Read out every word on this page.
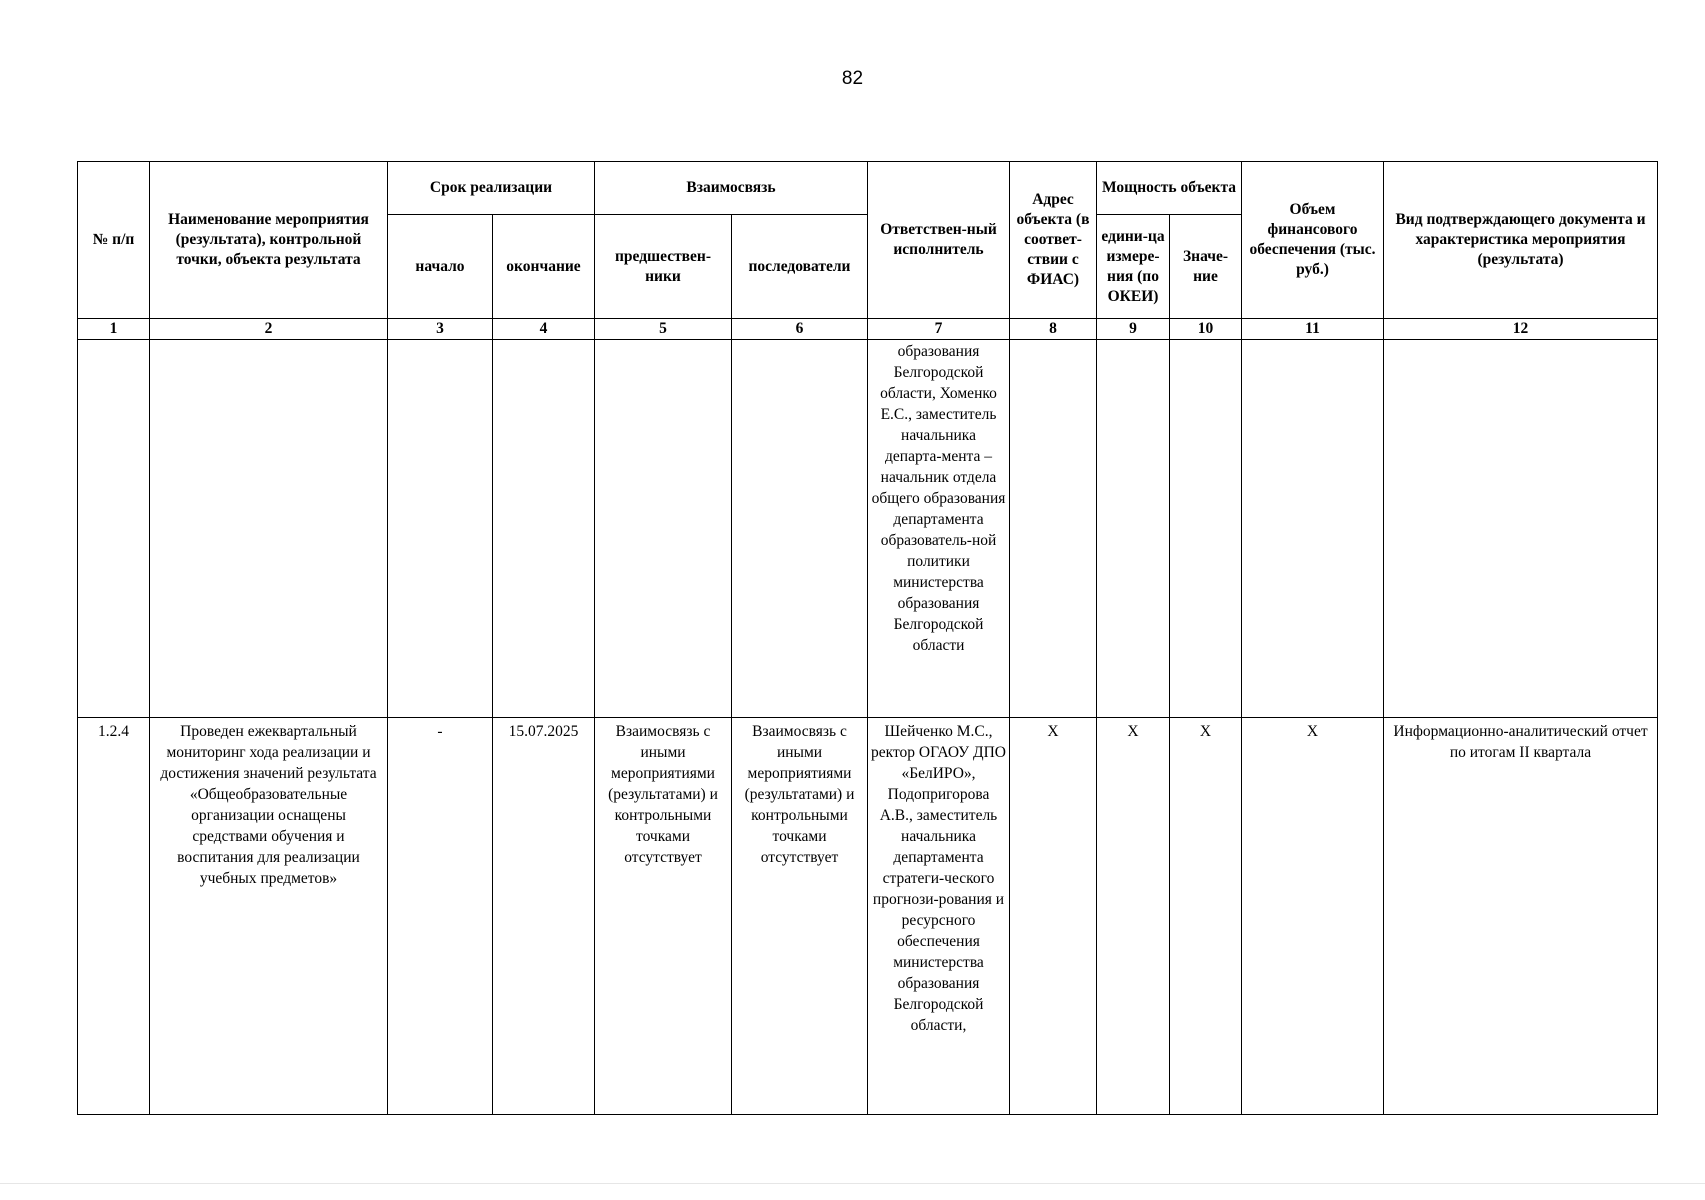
82
№ п/п	Наименование мероприятия (результата), контрольной точки, объекта результата	Срок реализации		Взаимосвязь		Ответствен-ный исполнитель	Адрес объекта (в соответ-ствии с ФИАС)	Мощность объекта		Объем финансового обеспечения (тыс. руб.)	Вид подтверждающего документа и характеристика мероприятия (результата)
		начало	окончание	предшествен-ники	последователи			едини-ца измере-ния (по ОКЕИ)	Значе-ние		
1	2	3	4	5	6	7	8	9	10	11	12
						образования Белгородской области, Хоменко Е.С., заместитель начальника департа-мента – начальник отдела общего образования департамента образователь-ной политики министерства образования Белгородской области					
1.2.4	Проведен ежеквартальный мониторинг хода реализации и достижения значений результата «Общеобразовательные организации оснащены средствами обучения и воспитания для реализации учебных предметов»	-	15.07.2025	Взаимосвязь с иными мероприятиями (результатами) и контрольными точками отсутствует	Взаимосвязь с иными мероприятиями (результатами) и контрольными точками отсутствует	Шейченко М.С., ректор ОГАОУ ДПО «БелИРО», Подопригорова А.В., заместитель начальника департамента стратеги-ческого прогнози-рования и ресурсного обеспечения министерства образования Белгородской области,	X	X	X	X	Информационно-аналитический отчет по итогам II квартала
